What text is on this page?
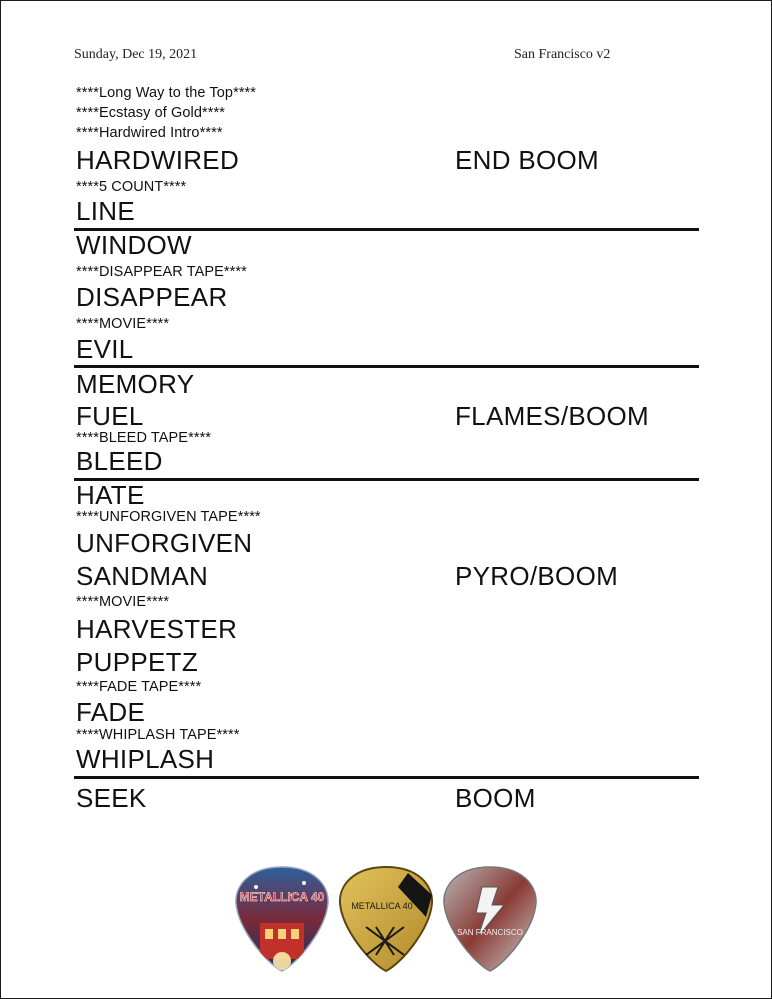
Sunday, Dec 19, 2021	San Francisco v2
****Long Way to the Top****
****Ecstasy of Gold****
****Hardwired Intro****
HARDWIRED	END BOOM
****5 COUNT****
LINE
WINDOW
****DISAPPEAR TAPE****
DISAPPEAR
****MOVIE****
EVIL
MEMORY
FUEL	FLAMES/BOOM
****BLEED TAPE****
BLEED
HATE
****UNFORGIVEN TAPE****
UNFORGIVEN
SANDMAN	PYRO/BOOM
****MOVIE****
HARVESTER
PUPPETZ
****FADE TAPE****
FADE
****WHIPLASH TAPE****
WHIPLASH
SEEK	BOOM
METALLICA 40
METALLICA 40
SAN FRANCISCO
